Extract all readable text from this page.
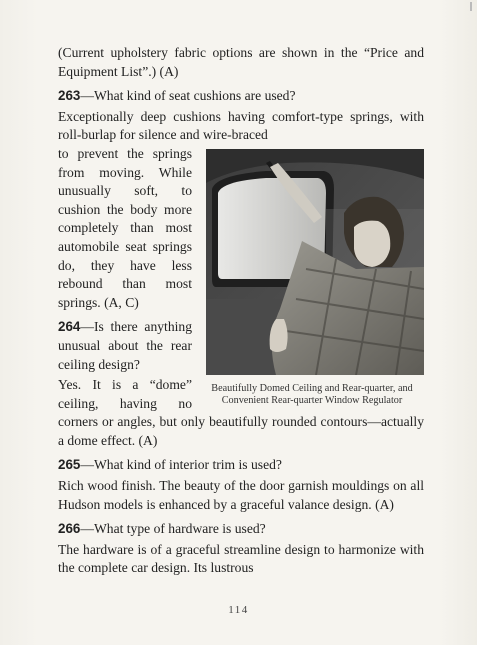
(Current upholstery fabric options are shown in the “Price and Equipment List”.) (A)

263—What kind of seat cushions are used?

Exceptionally deep cushions having comfort-type springs, with roll-burlap for silence and wire-braced

Beautifully Domed Ceiling and Rear-quarter, and Convenient Rear-quarter Window Regulator

to prevent the springs from moving. While unusually soft, to cushion the body more completely than most automobile seat springs do, they have less rebound than most springs. (A, C)

264—Is there anything unusual about the rear ceiling design?

Yes. It is a “dome” ceiling, having no corners or angles, but only beautifully rounded contours—actually a dome effect. (A)

265—What kind of interior trim is used?

Rich wood finish. The beauty of the door garnish mouldings on all Hudson models is enhanced by a graceful valance design. (A)

266—What type of hardware is used?

The hardware is of a graceful streamline design to harmonize with the complete car design. Its lustrous

114
